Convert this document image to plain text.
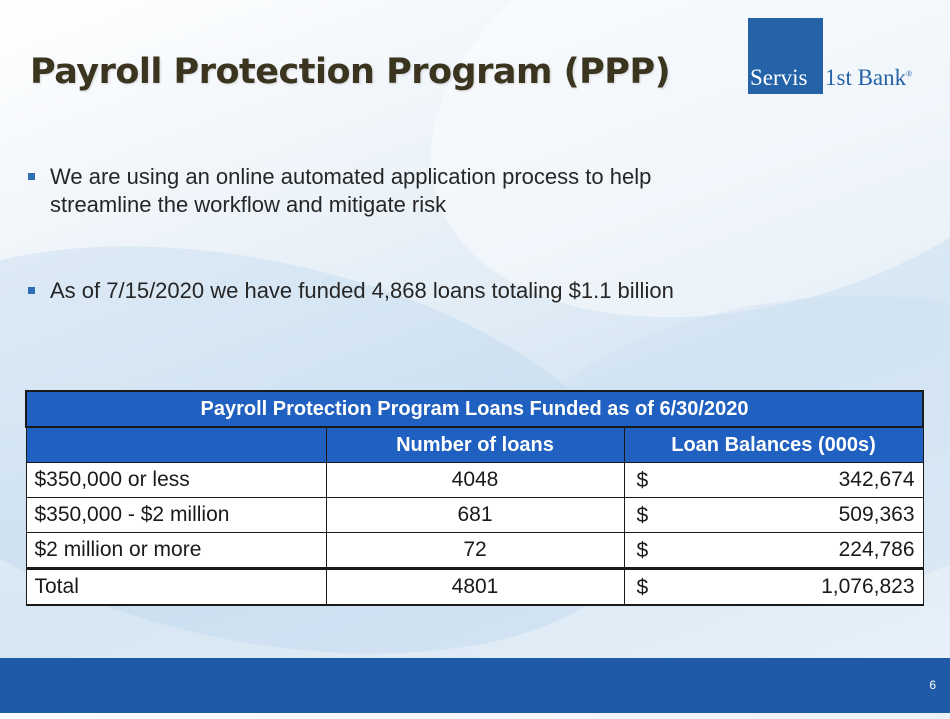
Payroll Protection Program (PPP)	Servis 1st Bank®
We are using an online automated application process to help streamline the workflow and mitigate risk
As of 7/15/2020 we have funded 4,868 loans totaling $1.1 billion
Payroll Protection Program Loans Funded as of 6/30/2020		
	Number of loans	Loan Balances (000s)
$350,000 or less	4048	$ 342,674

$350,000 - $2 million	681	$ 509,363

$2 million or more	72	$ 224,786

Total	4801	$ 1,076,823
6
